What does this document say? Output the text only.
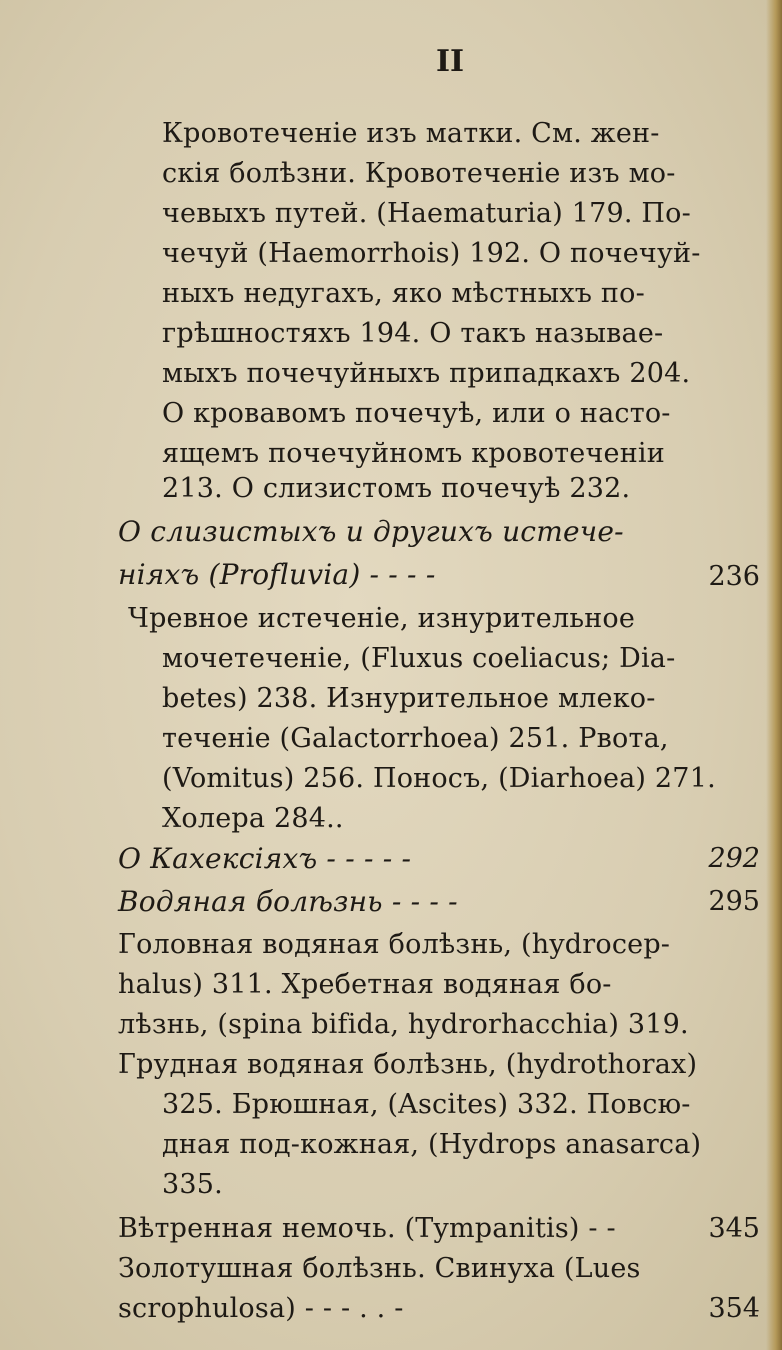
II
Кровотеченіе изъ матки. См. жен-
скія болѣзни. Кровотеченіе изъ мо-
чевыхъ путей. (Haematuria) 179. По-
чечуй (Haemorrhois) 192. О почечуй-
ныхъ недугахъ, яко мѣстныхъ по-
грѣшностяхъ 194. О такъ называе-
мыхъ почечуйныхъ припадкахъ 204.
О кровавомъ почечуѣ, или о насто-
ящемъ почечуйномъ кровотеченіи
213. О слизистомъ почечуѣ 232.
О слизистыхъ и другихъ истече-
ніяхъ (Profluvia) - - - -	236
Чревное истеченіе, изнурительное
мочетеченіе, (Fluxus coeliacus; Dia-
betes) 238. Изнурительное млеко-
теченіе (Galactorrhoea) 251. Рвота,
(Vomitus) 256. Поносъ, (Diarhoea) 271.
Холера 284..
О Кахексіяхъ - - - - -	292
Водяная болѣзнь - - - -	295
Головная водяная болѣзнь, (hydrocep-
halus) 311. Хребетная водяная бо-
лѣзнь, (spina bifida, hydrorhacchia) 319.
Грудная водяная болѣзнь, (hydrothorax)
325. Брюшная, (Ascites) 332. Повсю-
дная под-кожная, (Hydrops anasarca)
335.
Вѣтренная немочь. (Tympanitis) - -	345
Золотушная болѣзнь. Свинуха (Lues
scrophulosa) - - - . . -	354
